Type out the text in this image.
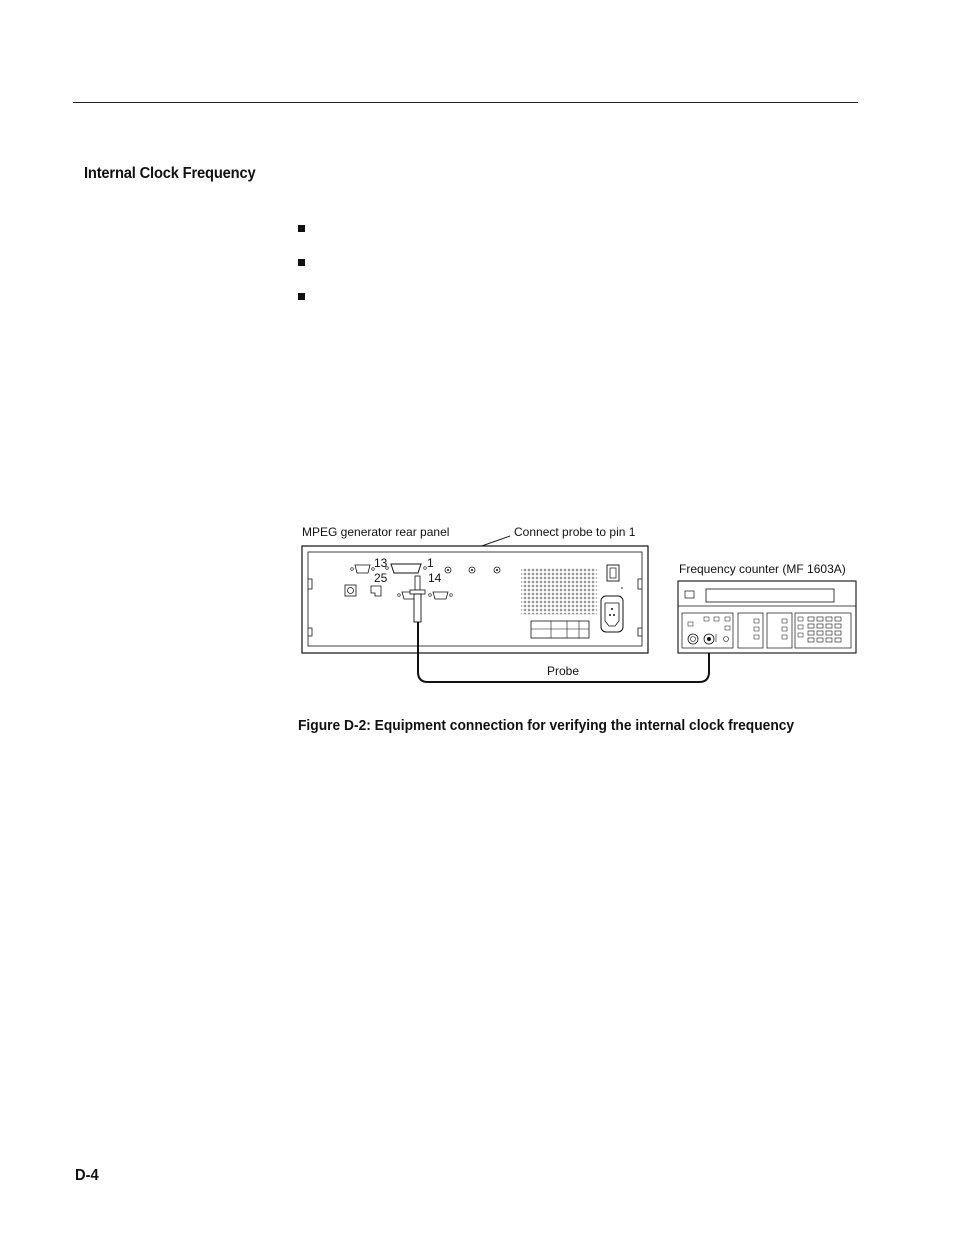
Internal Clock Frequency
MPEG generator rear panel	Connect probe to pin 1
Frequency counter (MF 1603A)
Probe
13	1
25	14

Figure D-2: Equipment connection for verifying the internal clock frequency

D-4
